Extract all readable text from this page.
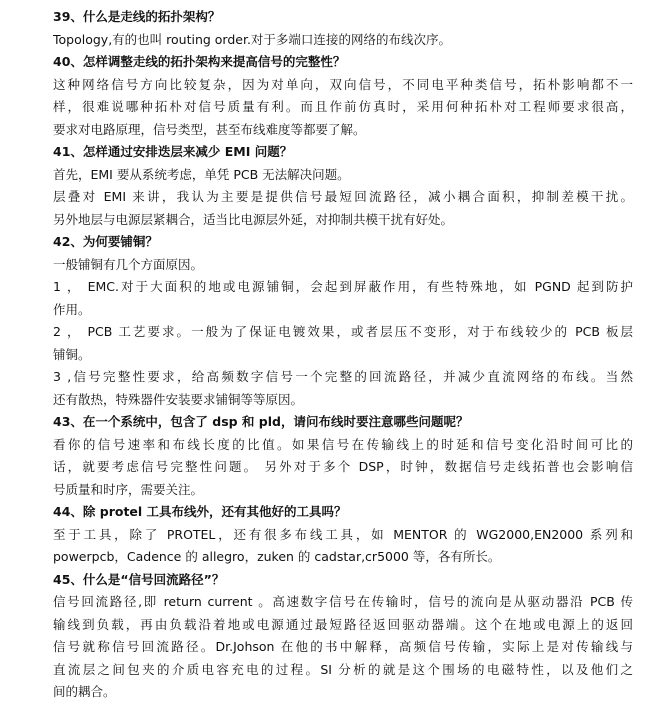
39、什么是走线的拓扑架构？
Topology,有的也叫 routing order.对于多端口连接的网络的布线次序。
40、怎样调整走线的拓扑架构来提高信号的完整性？
这种网络信号方向比较复杂，因为对单向，双向信号，不同电平种类信号，拓朴影响都不一
样，很难说哪种拓朴对信号质量有利。而且作前仿真时，采用何种拓朴对工程师要求很高，
要求对电路原理，信号类型，甚至布线难度等都要了解。
41、怎样通过安排迭层来减少 EMI 问题？
首先，EMI 要从系统考虑，单凭 PCB 无法解决问题。
层叠对 EMI 来讲，我认为主要是提供信号最短回流路径，减小耦合面积，抑制差模干扰。
另外地层与电源层紧耦合，适当比电源层外延，对抑制共模干扰有好处。
42、为何要铺铜？
一般铺铜有几个方面原因。
1 ， EMC.对于大面积的地或电源铺铜，会起到屏蔽作用，有些特殊地，如 PGND 起到防护
作用。
2 ， PCB 工艺要求。一般为了保证电镀效果，或者层压不变形，对于布线较少的 PCB 板层
铺铜。
3 ,信号完整性要求，给高频数字信号一个完整的回流路径，并减少直流网络的布线。当然
还有散热，特殊器件安装要求铺铜等等原因。
43、在一个系统中，包含了 dsp 和 pld，请问布线时要注意哪些问题呢？
看你的信号速率和布线长度的比值。如果信号在传输线上的时延和信号变化沿时间可比的
话，就要考虑信号完整性问题。 另外对于多个 DSP，时钟，数据信号走线拓普也会影响信
号质量和时序，需要关注。
44、除 protel 工具布线外，还有其他好的工具吗？
至于工具，除了 PROTEL，还有很多布线工具，如 MENTOR 的 WG2000,EN2000 系列和
powerpcb，Cadence 的 allegro，zuken 的 cadstar,cr5000 等，各有所长。
45、什么是“信号回流路径”？
信号回流路径,即 return current 。高速数字信号在传输时，信号的流向是从驱动器沿 PCB 传
输线到负载，再由负载沿着地或电源通过最短路径返回驱动器端。这个在地或电源上的返回
信号就称信号回流路径。Dr.Johson 在他的书中解释，高频信号传输，实际上是对传输线与
直流层之间包夹的介质电容充电的过程。SI 分析的就是这个围场的电磁特性，以及他们之
间的耦合。
